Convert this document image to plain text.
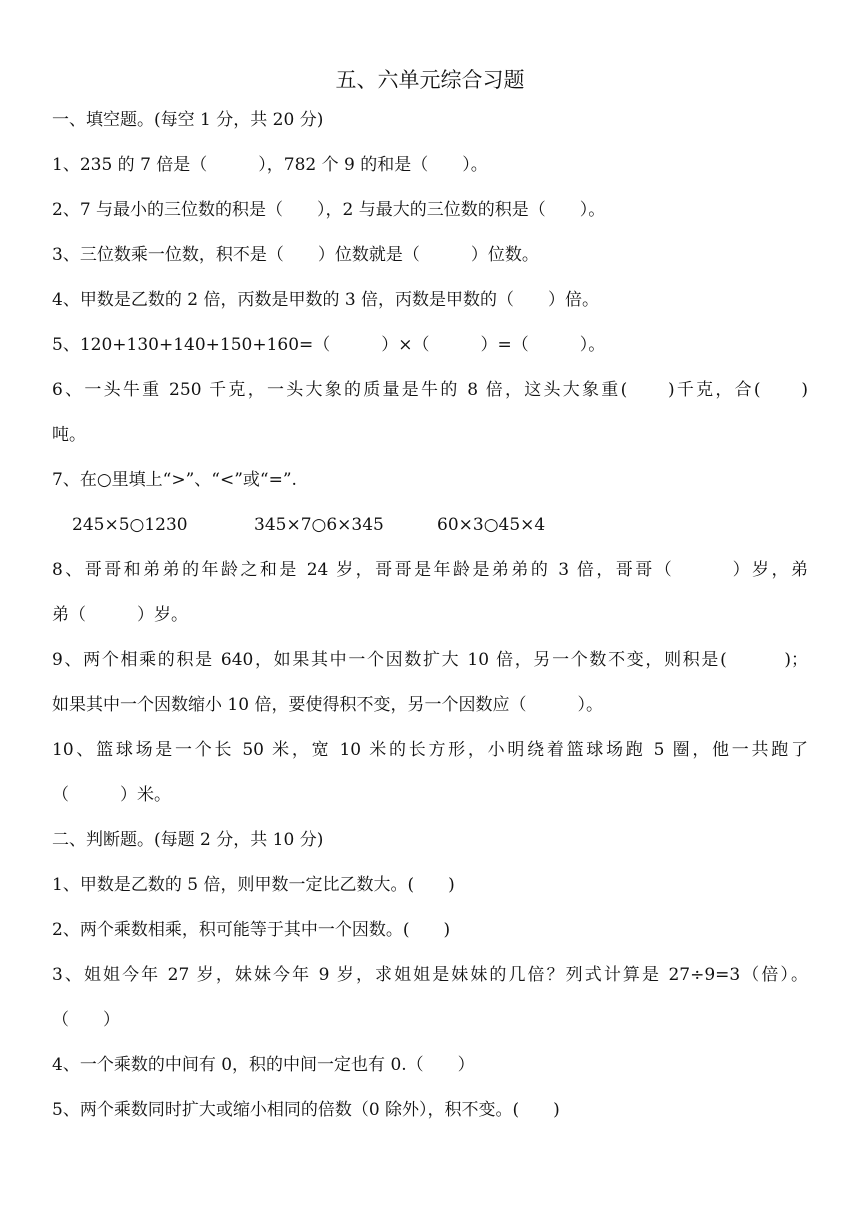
五、六单元综合习题
一、填空题。(每空 1 分，共 20 分)
1、235 的 7 倍是（　　　），782 个 9 的和是（　　）。
2、7 与最小的三位数的积是（　　），2 与最大的三位数的积是（　　）。
3、三位数乘一位数，积不是（　　）位数就是（　　　）位数。
4、甲数是乙数的 2 倍，丙数是甲数的 3 倍，丙数是甲数的（　　）倍。
5、120+130+140+150+160=（　　　）×（　　　）=（　　　）。
6、一头牛重 250 千克，一头大象的质量是牛的 8 倍，这头大象重(　　)千克，合(　　)
吨。
7、在○里填上“>”、“<”或“=”.
245×5○1230	345×7○6×345	60×3○45×4
8、哥哥和弟弟的年龄之和是 24 岁，哥哥是年龄是弟弟的 3 倍，哥哥（　　　）岁，弟
弟（　　　）岁。
9、两个相乘的积是 640，如果其中一个因数扩大 10 倍，另一个数不变，则积是(　　　)；
如果其中一个因数缩小 10 倍，要使得积不变，另一个因数应（　　　）。
10、篮球场是一个长 50 米，宽 10 米的长方形，小明绕着篮球场跑 5 圈，他一共跑了
（　　　）米。
二、判断题。(每题 2 分，共 10 分)
1、甲数是乙数的 5 倍，则甲数一定比乙数大。(　　)
2、两个乘数相乘，积可能等于其中一个因数。(　　)
3、姐姐今年 27 岁，妹妹今年 9 岁，求姐姐是妹妹的几倍？列式计算是 27÷9=3（倍）。
（　　）
4、一个乘数的中间有 0，积的中间一定也有 0.（　　）
5、两个乘数同时扩大或缩小相同的倍数（0 除外），积不变。(　　)
